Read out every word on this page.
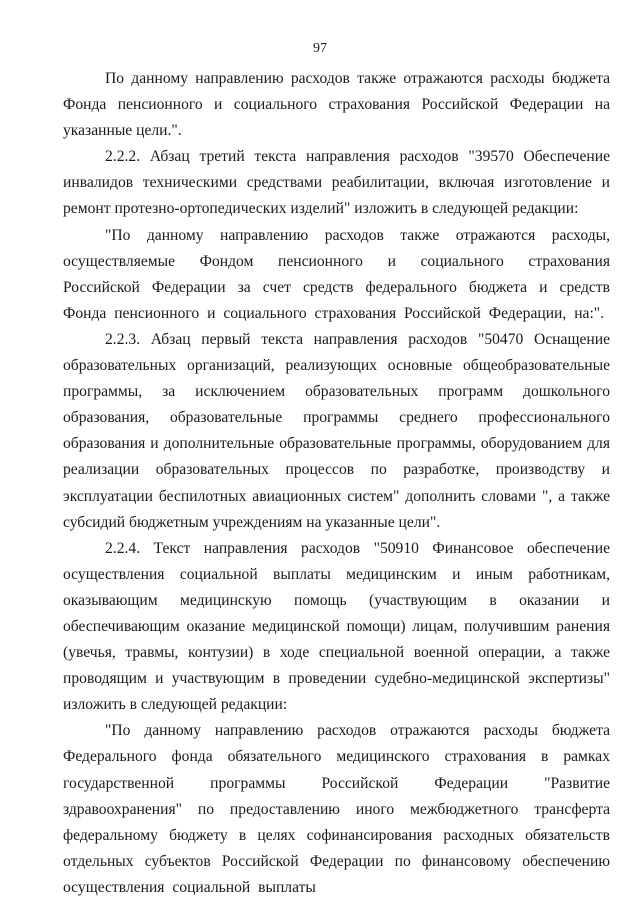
97

По данному направлению расходов также отражаются расходы бюджета Фонда пенсионного и социального страхования Российской Федерации на указанные цели.".

2.2.2. Абзац третий текста направления расходов "39570 Обеспечение инвалидов техническими средствами реабилитации, включая изготовление и ремонт протезно-ортопедических изделий" изложить в следующей редакции:

"По данному направлению расходов также отражаются расходы, осуществляемые Фондом пенсионного и социального страхования Российской Федерации за счет средств федерального бюджета и средств Фонда пенсионного и социального страхования Российской Федерации, на:".

2.2.3. Абзац первый текста направления расходов "50470 Оснащение образовательных организаций, реализующих основные общеобразовательные программы, за исключением образовательных программ дошкольного образования, образовательные программы среднего профессионального образования и дополнительные образовательные программы, оборудованием для реализации образовательных процессов по разработке, производству и эксплуатации беспилотных авиационных систем" дополнить словами ", а также субсидий бюджетным учреждениям на указанные цели".

2.2.4. Текст направления расходов "50910 Финансовое обеспечение осуществления социальной выплаты медицинским и иным работникам, оказывающим медицинскую помощь (участвующим в оказании и обеспечивающим оказание медицинской помощи) лицам, получившим ранения (увечья, травмы, контузии) в ходе специальной военной операции, а также проводящим и участвующим в проведении судебно-медицинской экспертизы" изложить в следующей редакции:

"По данному направлению расходов отражаются расходы бюджета Федерального фонда обязательного медицинского страхования в рамках государственной программы Российской Федерации "Развитие здравоохранения" по предоставлению иного межбюджетного трансферта федеральному бюджету в целях софинансирования расходных обязательств отдельных субъектов Российской Федерации по финансовому обеспечению осуществления социальной выплаты
